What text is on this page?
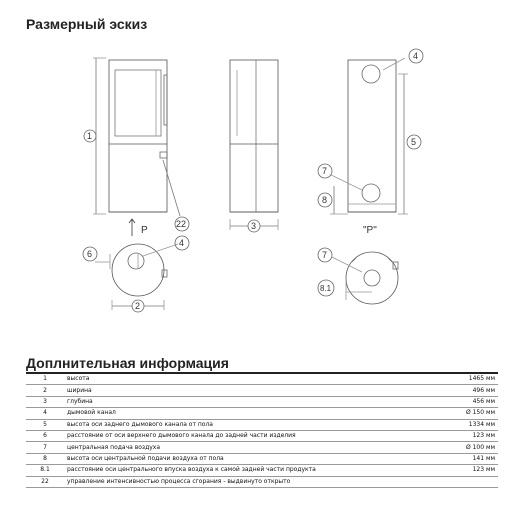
Размерный эскиз
P
1
22	3
4
5
7
8
"P"
4
6
2
7
8.1
Доплнительная информация
1	высота	1465 мм
2	ширина	496 мм
3	глубина	456 мм
4	дымовой канал	Ø 150 мм
5	высота оси заднего дымового канала от пола	1334 мм
6	расстояние от оси верхнего дымового канала до задней части изделия	123 мм
7	центральная подача воздуха	Ø 100 мм
8	высота оси центральной подачи воздуха от пола	141 мм
8.1	расстояние оси центрального впуска воздуха к самой задней части продукта	123 мм
22	управление интенсивностью процесса сгорания - выдвинуто открыто	
